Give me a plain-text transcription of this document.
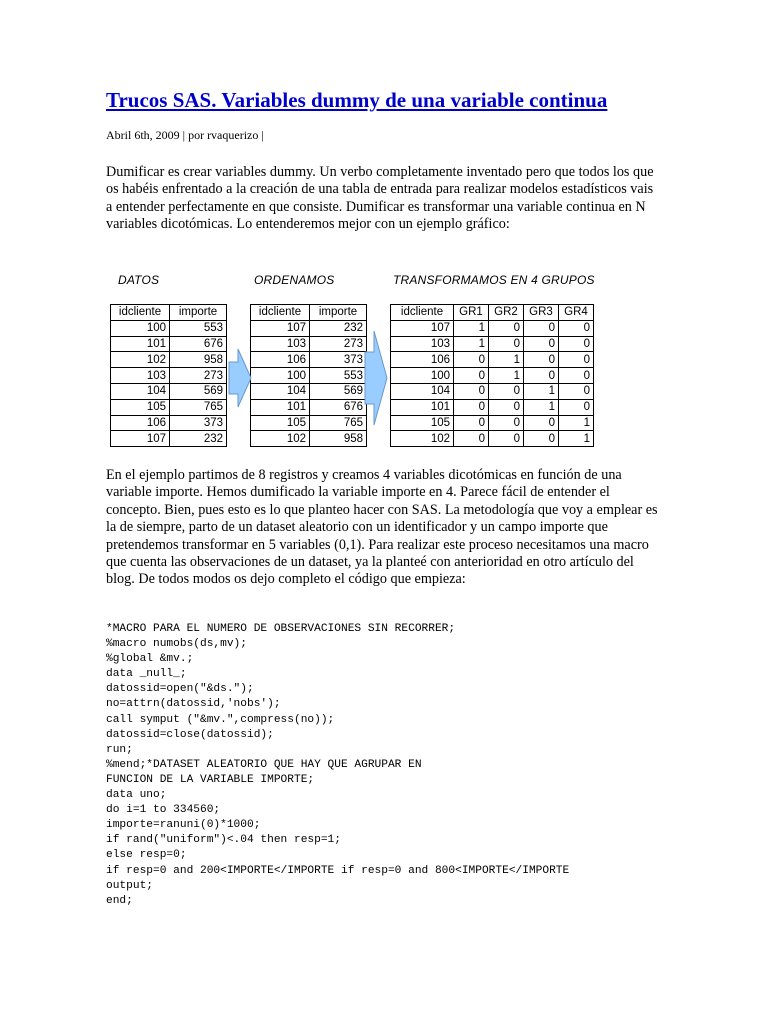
Trucos SAS. Variables dummy de una variable continua
Abril 6th, 2009 | por rvaquerizo |

Dumificar es crear variables dummy. Un verbo completamente inventado pero que todos los que os habéis enfrentado a la creación de una tabla de entrada para realizar modelos estadísticos vais a entender perfectamente en que consiste. Dumificar es transformar una variable continua en N variables dicotómicas. Lo entenderemos mejor con un ejemplo gráfico:

DATOS	ORDENAMOS	TRANSFORMAMOS EN 4 GRUPOS
idcliente	importe
100	553
101	676
102	958
103	273
104	569
105	765
106	373
107	232
idcliente	importe
107	232
103	273
106	373
100	553
104	569
101	676
105	765
102	958
idcliente	GR1	GR2	GR3	GR4
107	1	0	0	0
103	1	0	0	0
106	0	1	0	0
100	0	1	0	0
104	0	0	1	0
101	0	0	1	0
105	0	0	0	1
102	0	0	0	1

En el ejemplo partimos de 8 registros y creamos 4 variables dicotómicas en función de una variable importe. Hemos dumificado la variable importe en 4. Parece fácil de entender el concepto. Bien, pues esto es lo que planteo hacer con SAS. La metodología que voy a emplear es la de siempre, parto de un dataset aleatorio con un identificador y un campo importe que pretendemos transformar en 5 variables (0,1). Para realizar este proceso necesitamos una macro que cuenta las observaciones de un dataset, ya la planteé con anterioridad en otro artículo del blog. De todos modos os dejo completo el código que empieza:

*MACRO PARA EL NUMERO DE OBSERVACIONES SIN RECORRER;
%macro numobs(ds,mv);
%global &mv.;
data _null_;
datossid=open("&ds.");
no=attrn(datossid,'nobs');
call symput ("&mv.",compress(no));
datossid=close(datossid);
run;
%mend;*DATASET ALEATORIO QUE HAY QUE AGRUPAR EN
FUNCION DE LA VARIABLE IMPORTE;
data uno;
do i=1 to 334560;
importe=ranuni(0)*1000;
if rand("uniform")<.04 then resp=1;
else resp=0;
if resp=0 and 200<IMPORTE</IMPORTE if resp=0 and 800<IMPORTE</IMPORTE
output;
end;
